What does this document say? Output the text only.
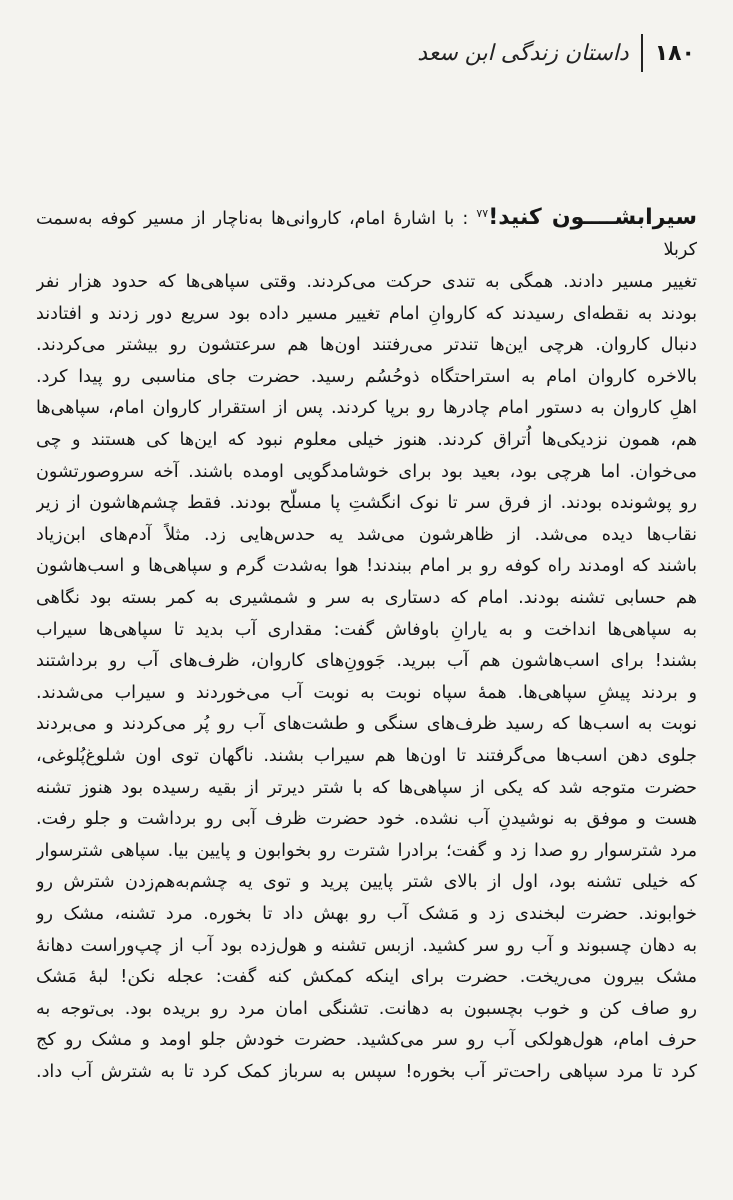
۱۸۰
داستان زندگی ابن سعد

سیرابشــــون کنید!$^{۷۷}$ : با اشارهٔ امام، کاروانی‌ها به‌ناچار از مسیر کوفه به‌سمت کربلا

تغییر مسیر دادند. همگی به تندی حرکت می‌کردند. وقتی سپاهی‌ها که حدود هزار نفر

بودند به نقطه‌ای رسیدند که کاروانِ امام تغییر مسیر داده بود سریع دور زدند و افتادند

دنبال کاروان. هرچی این‌ها تندتر می‌رفتند اون‌ها هم سرعتشون رو بیشتر می‌کردند.

بالاخره کاروان امام به استراحتگاه ذوحُسُم رسید. حضرت جای مناسبی رو پیدا کرد.

اهلِ کاروان به دستور امام چادرها رو برپا کردند. پس از استقرار کاروان امام، سپاهی‌ها

هم، همون نزدیکی‌ها اُتراق کردند. هنوز خیلی معلوم نبود که این‌ها کی هستند و چی

می‌خوان. اما هرچی بود، بعید بود برای خوشامدگویی اومده باشند. آخه سروصورتشون

رو پوشونده بودند. از فرق سر تا نوک انگشتِ پا مسلّح بودند. فقط چشم‌هاشون از زیر

نقاب‌ها دیده می‌شد. از ظاهرشون می‌شد یه حدس‌هایی زد. مثلاً آدم‌های ابن‌زیاد

باشند که اومدند راه کوفه رو بر امام ببندند! هوا به‌شدت گرم و سپاهی‌ها و اسب‌هاشون

هم حسابی تشنه بودند. امام که دستاری به سر و شمشیری به کمر بسته بود نگاهی

به سپاهی‌ها انداخت و به یارانِ باوفاش گفت: مقداری آب بدید تا سپاهی‌ها سیراب

بشند! برای اسب‌هاشون هم آب ببرید. جَوونِ‌های کاروان، ظرف‌های آب رو برداشتند

و بردند پیشِ سپاهی‌ها. همهٔ سپاه نوبت به نوبت آب می‌خوردند و سیراب می‌شدند.

نوبت به اسب‌ها که رسید ظرف‌های سنگی و طشت‌های آب رو پُر می‌کردند و می‌بردند

جلوی دهن اسب‌ها می‌گرفتند تا اون‌ها هم سیراب بشند. ناگهان توی اون شلوغ‌پُلوغی،

حضرت متوجه شد که یکی از سپاهی‌ها که با شتر دیرتر از بقیه رسیده بود هنوز تشنه

هست و موفق به نوشیدنِ آب نشده. خود حضرت ظرف آبی رو برداشت و جلو رفت.

مرد شترسوار رو صدا زد و گفت؛ برادرا شترت رو بخوابون و پایین بیا. سپاهی شترسوار

که خیلی تشنه بود، اول از بالای شتر پایین پرید و توی یه چشم‌به‌هم‌زدن شترش رو

خوابوند. حضرت لبخندی زد و مَشک آب رو بهش داد تا بخوره. مرد تشنه، مشک رو

به دهان چسبوند و آب رو سر کشید. ازبس تشنه و هول‌زده بود آب از چپ‌وراست دهانهٔ

مشک بیرون می‌ریخت. حضرت برای اینکه کمکش کنه گفت: عجله نکن! لبهٔ مَشک

رو صاف کن و خوب بچسبون به دهانت. تشنگی امان مرد رو بریده بود. بی‌توجه به

حرف امام، هول‌هولکی آب رو سر می‌کشید. حضرت خودش جلو اومد و مشک رو کج

کرد تا مرد سپاهی راحت‌تر آب بخوره! سپس به سرباز کمک کرد تا به شترش آب داد.
